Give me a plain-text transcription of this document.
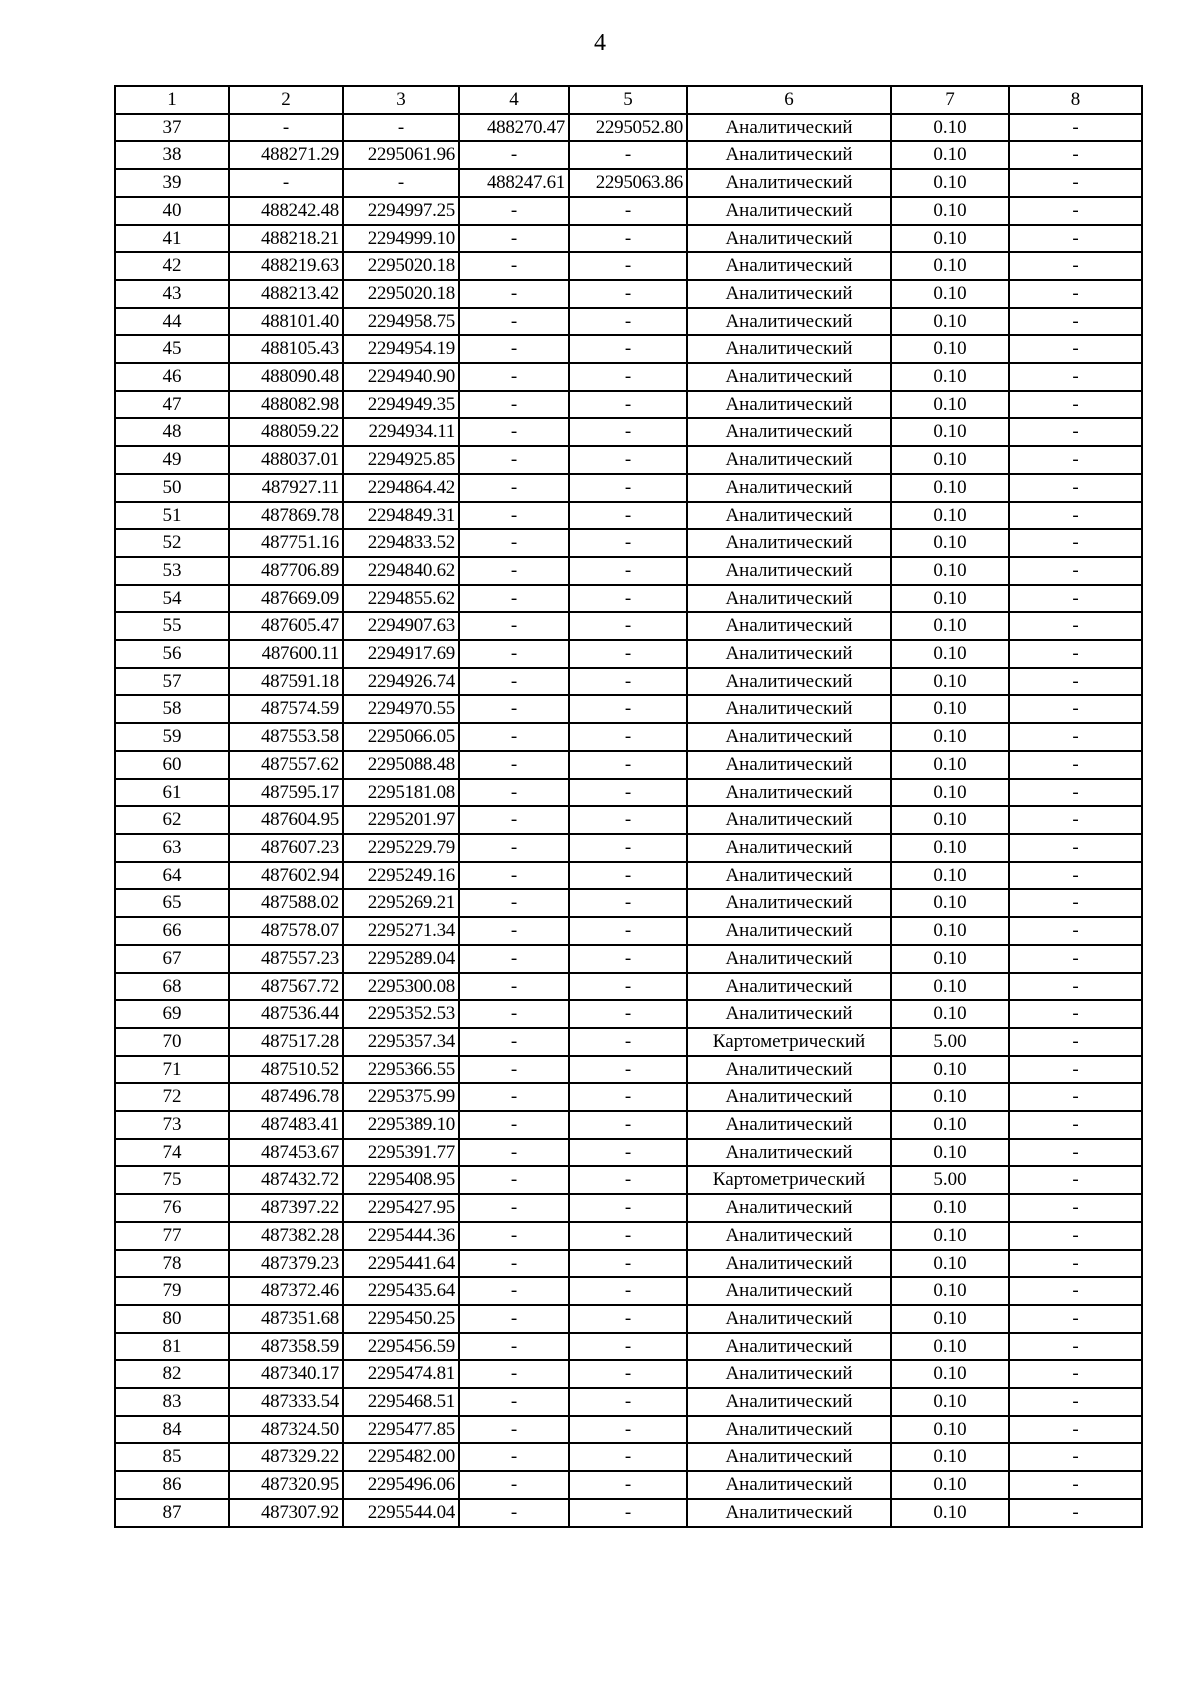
4
1	2	3	4	5	6	7	8
37	-	-	488270.47	2295052.80	Аналитический	0.10	-
38	488271.29	2295061.96	-	-	Аналитический	0.10	-
39	-	-	488247.61	2295063.86	Аналитический	0.10	-
40	488242.48	2294997.25	-	-	Аналитический	0.10	-
41	488218.21	2294999.10	-	-	Аналитический	0.10	-
42	488219.63	2295020.18	-	-	Аналитический	0.10	-
43	488213.42	2295020.18	-	-	Аналитический	0.10	-
44	488101.40	2294958.75	-	-	Аналитический	0.10	-
45	488105.43	2294954.19	-	-	Аналитический	0.10	-
46	488090.48	2294940.90	-	-	Аналитический	0.10	-
47	488082.98	2294949.35	-	-	Аналитический	0.10	-
48	488059.22	2294934.11	-	-	Аналитический	0.10	-
49	488037.01	2294925.85	-	-	Аналитический	0.10	-
50	487927.11	2294864.42	-	-	Аналитический	0.10	-
51	487869.78	2294849.31	-	-	Аналитический	0.10	-
52	487751.16	2294833.52	-	-	Аналитический	0.10	-
53	487706.89	2294840.62	-	-	Аналитический	0.10	-
54	487669.09	2294855.62	-	-	Аналитический	0.10	-
55	487605.47	2294907.63	-	-	Аналитический	0.10	-
56	487600.11	2294917.69	-	-	Аналитический	0.10	-
57	487591.18	2294926.74	-	-	Аналитический	0.10	-
58	487574.59	2294970.55	-	-	Аналитический	0.10	-
59	487553.58	2295066.05	-	-	Аналитический	0.10	-
60	487557.62	2295088.48	-	-	Аналитический	0.10	-
61	487595.17	2295181.08	-	-	Аналитический	0.10	-
62	487604.95	2295201.97	-	-	Аналитический	0.10	-
63	487607.23	2295229.79	-	-	Аналитический	0.10	-
64	487602.94	2295249.16	-	-	Аналитический	0.10	-
65	487588.02	2295269.21	-	-	Аналитический	0.10	-
66	487578.07	2295271.34	-	-	Аналитический	0.10	-
67	487557.23	2295289.04	-	-	Аналитический	0.10	-
68	487567.72	2295300.08	-	-	Аналитический	0.10	-
69	487536.44	2295352.53	-	-	Аналитический	0.10	-
70	487517.28	2295357.34	-	-	Картометрический	5.00	-
71	487510.52	2295366.55	-	-	Аналитический	0.10	-
72	487496.78	2295375.99	-	-	Аналитический	0.10	-
73	487483.41	2295389.10	-	-	Аналитический	0.10	-
74	487453.67	2295391.77	-	-	Аналитический	0.10	-
75	487432.72	2295408.95	-	-	Картометрический	5.00	-
76	487397.22	2295427.95	-	-	Аналитический	0.10	-
77	487382.28	2295444.36	-	-	Аналитический	0.10	-
78	487379.23	2295441.64	-	-	Аналитический	0.10	-
79	487372.46	2295435.64	-	-	Аналитический	0.10	-
80	487351.68	2295450.25	-	-	Аналитический	0.10	-
81	487358.59	2295456.59	-	-	Аналитический	0.10	-
82	487340.17	2295474.81	-	-	Аналитический	0.10	-
83	487333.54	2295468.51	-	-	Аналитический	0.10	-
84	487324.50	2295477.85	-	-	Аналитический	0.10	-
85	487329.22	2295482.00	-	-	Аналитический	0.10	-
86	487320.95	2295496.06	-	-	Аналитический	0.10	-
87	487307.92	2295544.04	-	-	Аналитический	0.10	-
